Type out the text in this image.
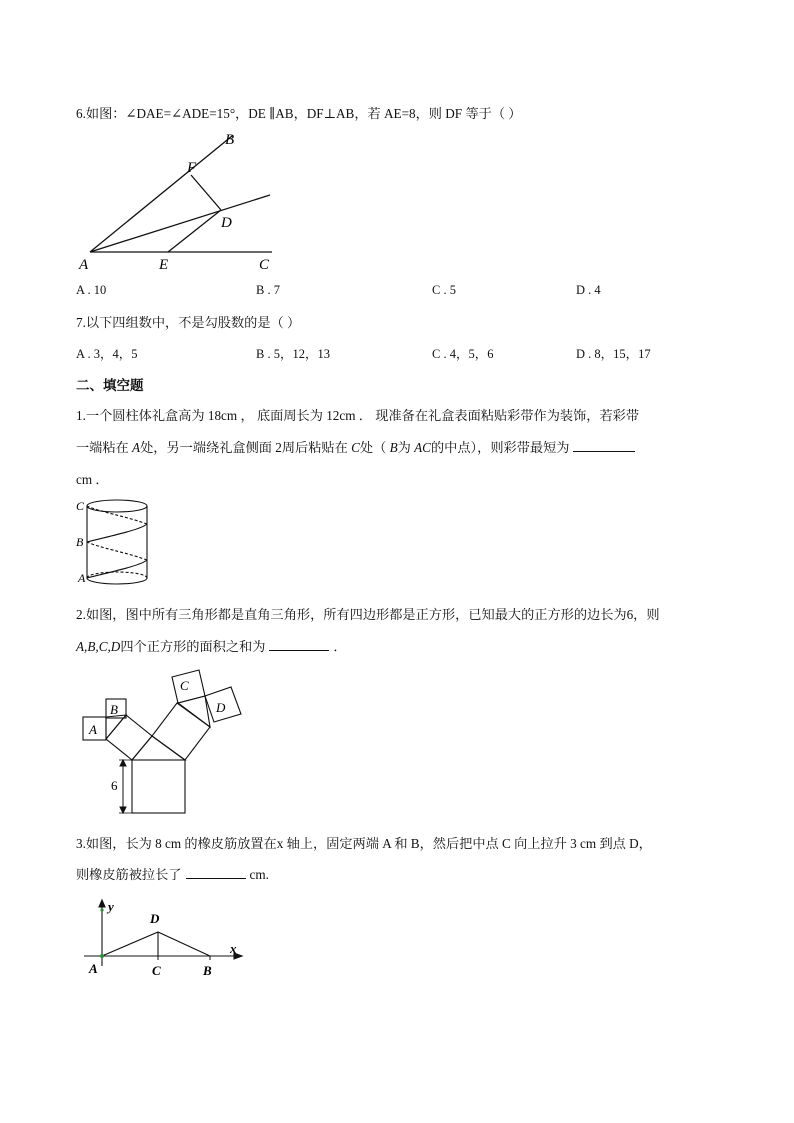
6.如图：∠DAE=∠ADE=15°，DE ∥AB，DF⊥AB，若 AE=8，则 DF 等于（ ）
B
F
D
A	E	C
A . 10	B . 7	C . 5	D . 4
7.以下四组数中，不是勾股数的是（ ）
A . 3，4，5	B . 5，12，13	C . 4，5，6	D . 8，15，17
二、填空题
1.一个圆柱体礼盒高为 18cm ， 底面周长为 12cm ． 现准备在礼盒表面粘贴彩带作为装饰，若彩带
一端粘在 A处，另一端绕礼盒侧面 2周后粘贴在 C处（ B为 AC的中点），则彩带最短为
cm ．
C
B
A
2.如图，图中所有三角形都是直角三角形，所有四边形都是正方形，已知最大的正方形的边长为6，则
A,B,C,D四个正方形的面积之和为	．
A
B
C
D
6
3.如图，长为 8 cm 的橡皮筋放置在x 轴上，固定两端 A 和 B，然后把中点 C 向上拉升 3 cm 到点 D，
则橡皮筋被拉长了	cm.
y
x
D
A	C	B
